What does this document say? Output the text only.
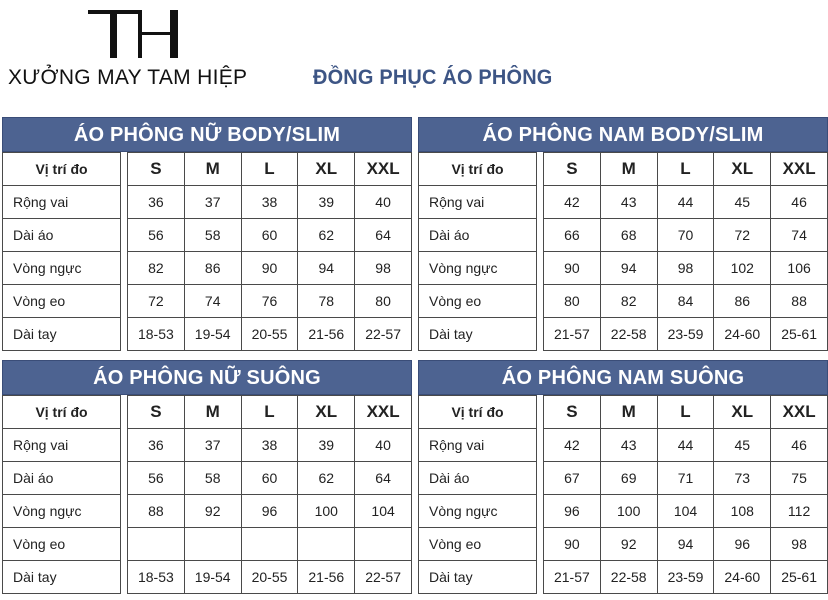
XƯỞNG MAY TAM HIỆP	ĐỒNG PHỤC ÁO PHÔNG
ÁO PHÔNG NỮ BODY/SLIM
Vị trí đo		S	M	L	XL	XXL
Rộng vai		36	37	38	39	40
Dài áo		56	58	60	62	64
Vòng ngực		82	86	90	94	98
Vòng eo		72	74	76	78	80
Dài tay		18-53	19-54	20-55	21-56	22-57
ÁO PHÔNG NAM BODY/SLIM
Vị trí đo		S	M	L	XL	XXL
Rộng vai		42	43	44	45	46
Dài áo		66	68	70	72	74
Vòng ngực		90	94	98	102	106
Vòng eo		80	82	84	86	88
Dài tay		21-57	22-58	23-59	24-60	25-61
ÁO PHÔNG NỮ SUÔNG
Vị trí đo		S	M	L	XL	XXL
Rộng vai		36	37	38	39	40
Dài áo		56	58	60	62	64
Vòng ngực		88	92	96	100	104
Vòng eo						
Dài tay		18-53	19-54	20-55	21-56	22-57
ÁO PHÔNG NAM SUÔNG
Vị trí đo		S	M	L	XL	XXL
Rộng vai		42	43	44	45	46
Dài áo		67	69	71	73	75
Vòng ngực		96	100	104	108	112
Vòng eo		90	92	94	96	98
Dài tay		21-57	22-58	23-59	24-60	25-61
